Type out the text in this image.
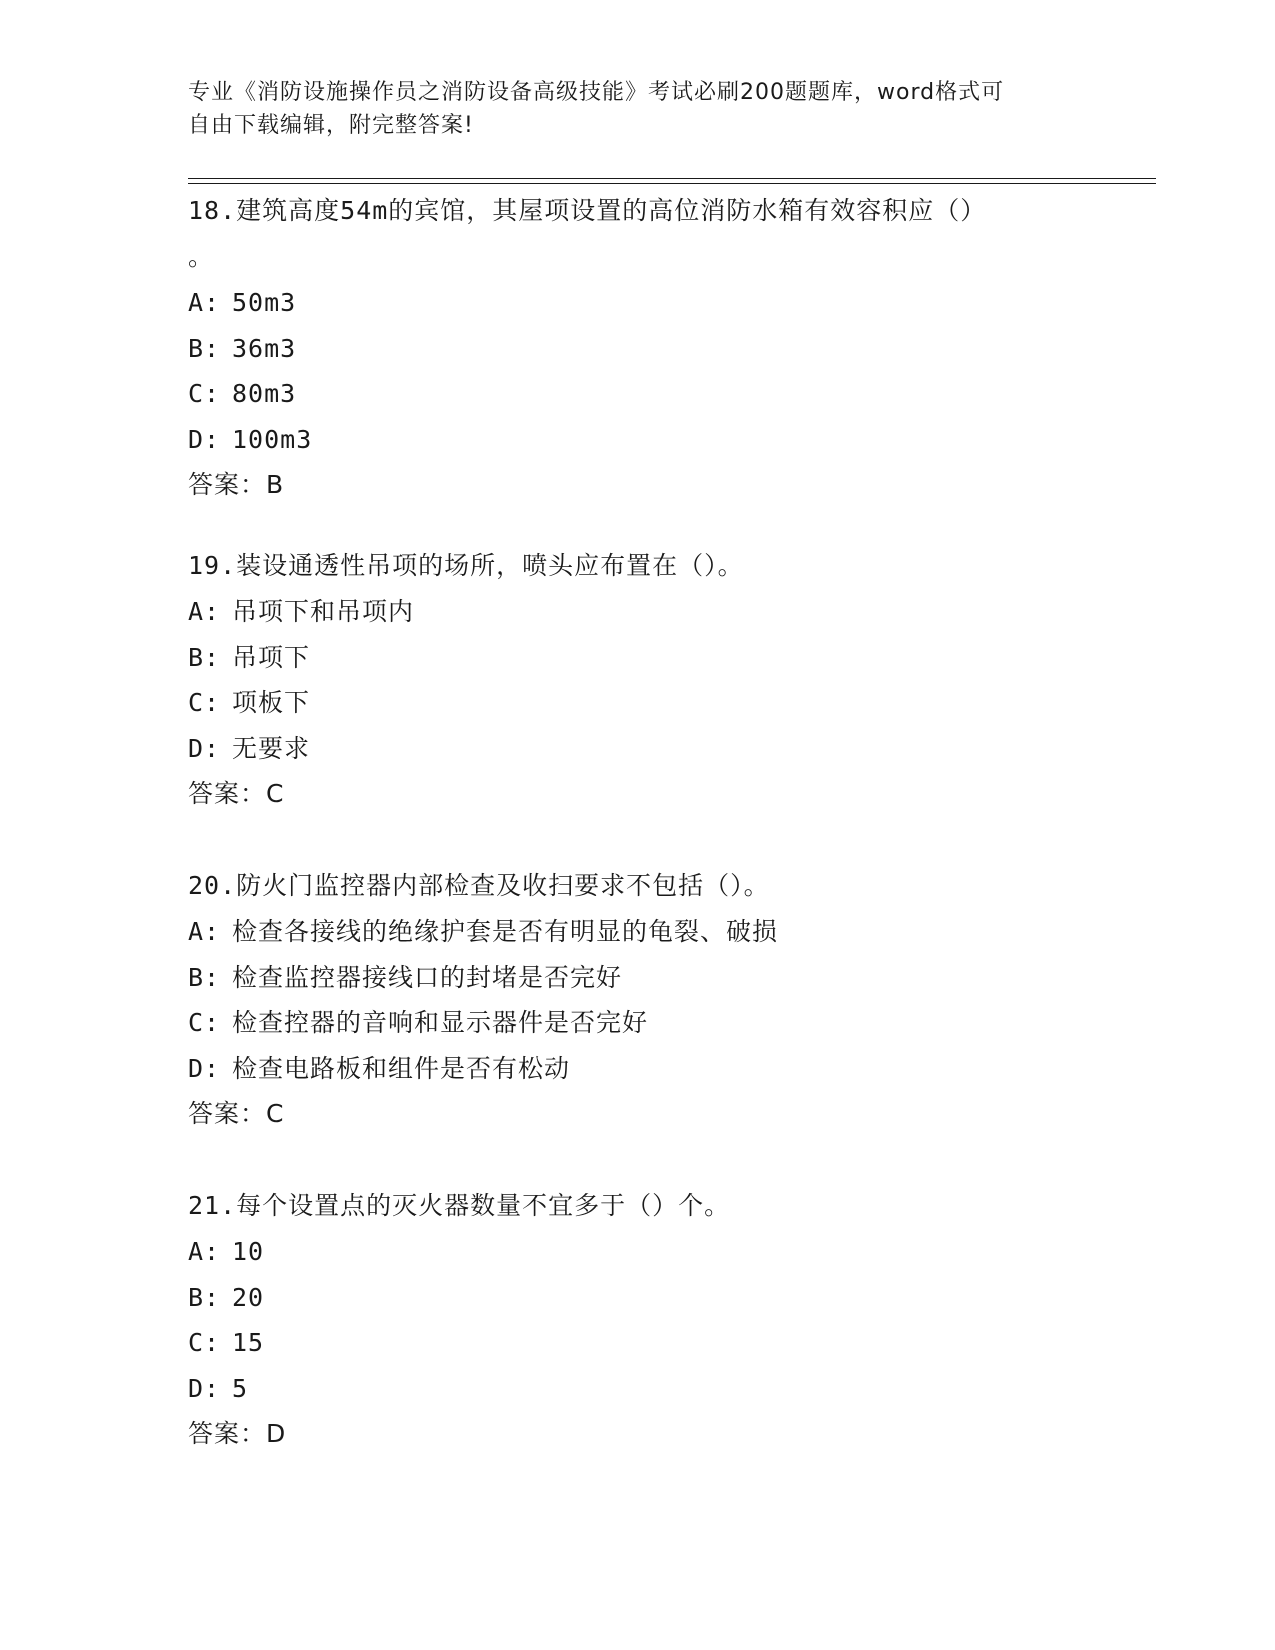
专业《消防设施操作员之消防设备高级技能》考试必刷200题题库，word格式可
自由下载编辑，附完整答案!
18.建筑高度54m的宾馆，其屋项设置的高位消防水箱有效容积应（）
。
A: 50m3
B: 36m3
C: 80m3
D: 100m3
答案：B
19.装设通透性吊项的场所，喷头应布置在（）。
A: 吊项下和吊项内
B: 吊项下
C: 项板下
D: 无要求
答案：C
20.防火门监控器内部检查及收扫要求不包括（）。
A: 检查各接线的绝缘护套是否有明显的龟裂、破损
B: 检查监控器接线口的封堵是否完好
C: 检查控器的音响和显示器件是否完好
D: 检查电路板和组件是否有松动
答案：C
21.每个设置点的灭火器数量不宜多于（）个。
A: 10
B: 20
C: 15
D: 5
答案：D
